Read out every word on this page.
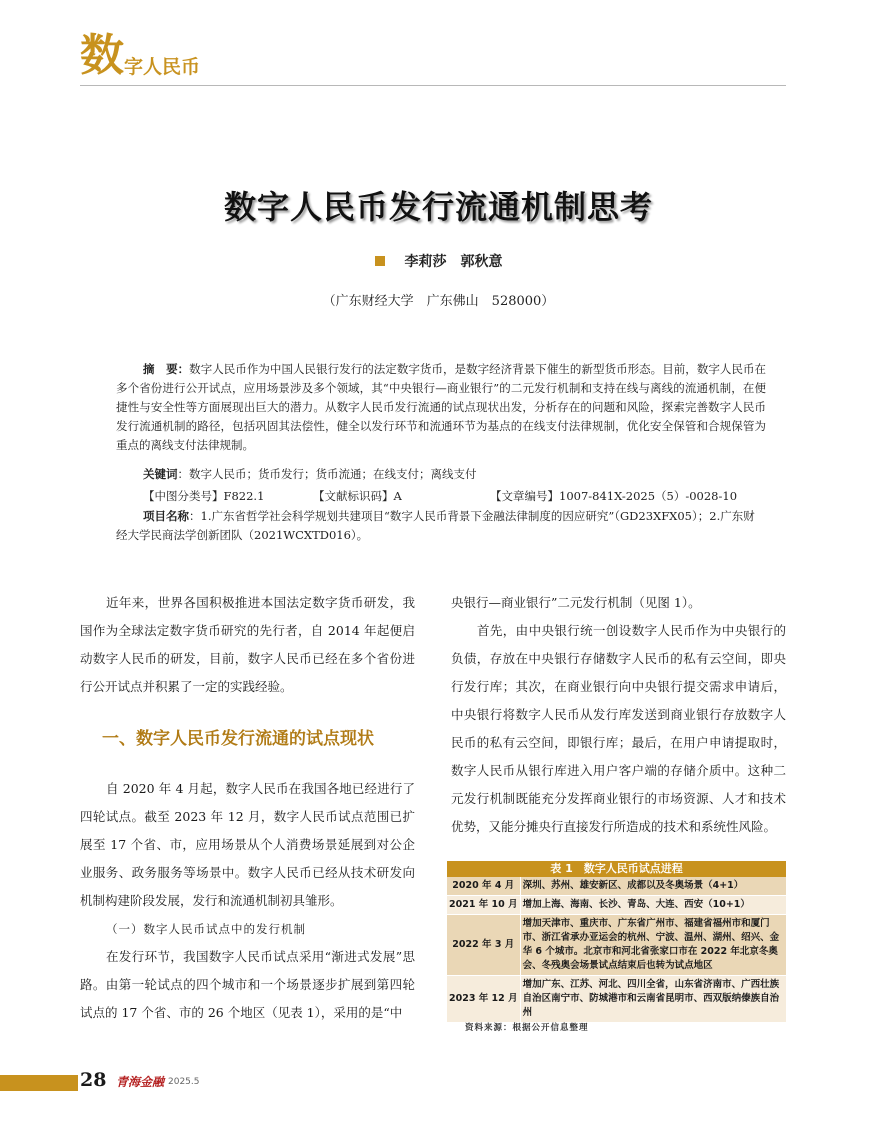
数 字人民币
数字人民币发行流通机制思考
李莉莎　郭秋意
（广东财经大学　广东佛山　528000）

摘　要：数字人民币作为中国人民银行发行的法定数字货币，是数字经济背景下催生的新型货币形态。目前，数字人民币在多个省份进行公开试点，应用场景涉及多个领域，其“中央银行—商业银行”的二元发行机制和支持在线与离线的流通机制，在便捷性与安全性等方面展现出巨大的潜力。从数字人民币发行流通的试点现状出发，分析存在的问题和风险，探索完善数字人民币发行流通机制的路径，包括巩固其法偿性，健全以发行环节和流通环节为基点的在线支付法律规制，优化安全保管和合规保管为重点的离线支付法律规制。

关键词：数字人民币；货币发行；货币流通；在线支付；离线支付
【中图分类号】F822.1	【文献标识码】A	【文章编号】1007-841X-2025（5）-0028-10

项目名称：1.广东省哲学社会科学规划共建项目“数字人民币背景下金融法律制度的因应研究”（GD23XFX05）；2.广东财经大学民商法学创新团队（2021WCXTD016）。

近年来，世界各国积极推进本国法定数字货币研发，我国作为全球法定数字货币研究的先行者，自 2014 年起便启动数字人民币的研发，目前，数字人民币已经在多个省份进行公开试点并积累了一定的实践经验。

一、数字人民币发行流通的试点现状

自 2020 年 4 月起，数字人民币在我国各地已经进行了四轮试点。截至 2023 年 12 月，数字人民币试点范围已扩展至 17 个省、市，应用场景从个人消费场景延展到对公企业服务、政务服务等场景中。数字人民币已经从技术研发向机制构建阶段发展，发行和流通机制初具雏形。

（一）数字人民币试点中的发行机制

在发行环节，我国数字人民币试点采用“渐进式发展”思路。由第一轮试点的四个城市和一个场景逐步扩展到第四轮试点的 17 个省、市的 26 个地区（见表 1），采用的是“中

央银行—商业银行”二元发行机制（见图 1）。

首先，由中央银行统一创设数字人民币作为中央银行的负债，存放在中央银行存储数字人民币的私有云空间，即央行发行库；其次，在商业银行向中央银行提交需求申请后，中央银行将数字人民币从发行库发送到商业银行存放数字人民币的私有云空间，即银行库；最后，在用户申请提取时，数字人民币从银行库进入用户客户端的存储介质中。这种二元发行机制既能充分发挥商业银行的市场资源、人才和技术优势，又能分摊央行直接发行所造成的技术和系统性风险。

表 1　数字人民币试点进程
2020 年 4 月	深圳、苏州、雄安新区、成都以及冬奥场景（4+1）
2021 年 10 月	增加上海、海南、长沙、青岛、大连、西安（10+1）
2022 年 3 月	增加天津市、重庆市、广东省广州市、福建省福州市和厦门市、浙江省承办亚运会的杭州、宁波、温州、湖州、绍兴、金华 6 个城市。北京市和河北省张家口市在 2022 年北京冬奥会、冬残奥会场景试点结束后也转为试点地区
2023 年 12 月	增加广东、江苏、河北、四川全省，山东省济南市、广西壮族自治区南宁市、防城港市和云南省昆明市、西双版纳傣族自治州
资料来源：根据公开信息整理
28 青海金融 2025.5
